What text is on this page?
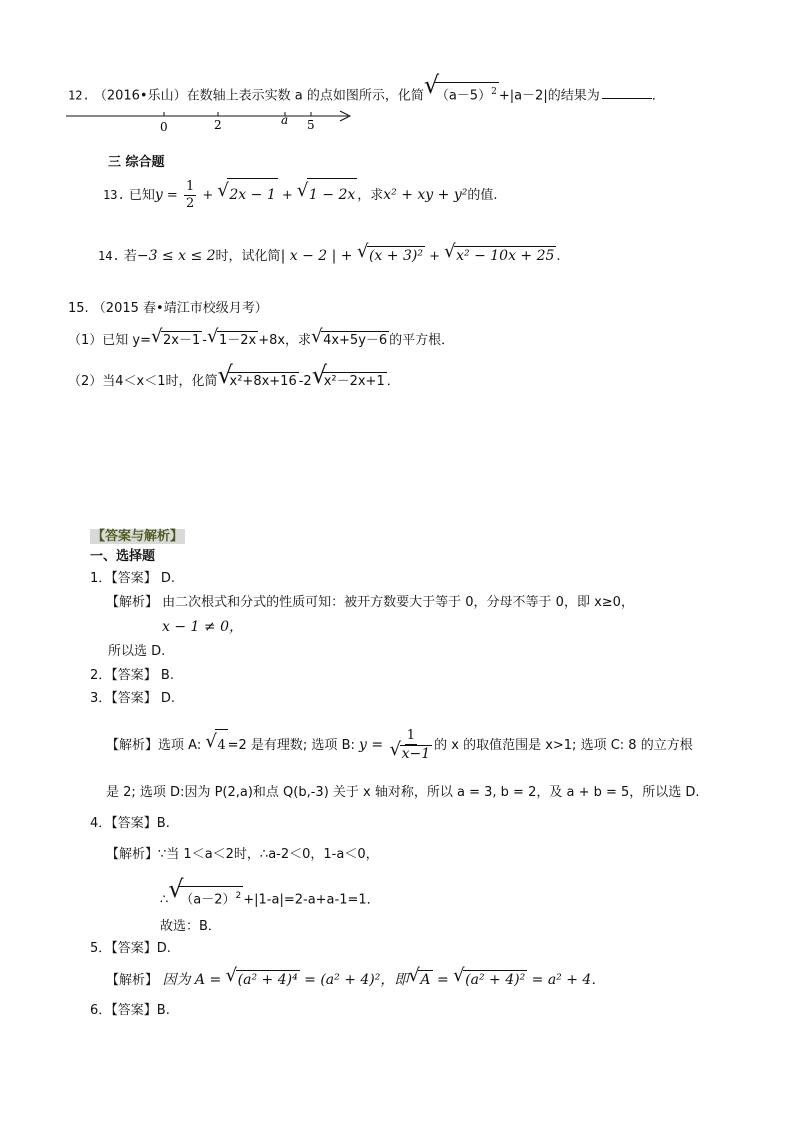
12. （2016•乐山）在数轴上表示实数 a 的点如图所示，化简 √ $(a-5)^2 +|a-2|$的结果为	．
0	2	a 5
三 综合题
13. 已知$y = \frac{1}{2}$ + √ 2x − 1 + √ 1 − 2x ，求x² + xy + y²的值.
14. 若−3 ≤ x ≤ 2时，试化简| x − 2 | + √ (x + 3)² + √ x² − 10x + 25 .
15. （2015 春•靖江市校级月考）
（1）已知 y= √ 2x－1 - √ 1－2x +8x，求 √ 4x+5y－6 的平方根．
（2）当4＜x＜1时，化简 √ x²+8x+16 -2 √ x²－2x+1 ．
【答案与解析】
一、选择题
1．【答案】 D.
【解析】 由二次根式和分式的性质可知：被开方数要大于等于 0，分母不等于 0，即 x≥0，
x − 1 ≠ 0，
所以选 D.
2．【答案】 B.
3．【答案】 D.
【解析】选项 A: √ 4 =2 是有理数; 选项 B: y = 1
√ x−1 的 x 的取值范围是 x>1; 选项 C: 8 的立方根
是 2; 选项 D:因为 P(2,a)和点 Q(b,-3) 关于 x 轴对称，所以 a = 3, b = 2，及 a + b = 5，所以选 D.
4．【答案】B.
【解析】∵当 1＜a＜2时，∴a-2＜0，1-a＜0，
∴ √ $(a-2)^2 +|1-a|=2-a+a-1=1$．
故选：B．
5．【答案】D.
【解析】 因为 A = √ (a² + 4)⁴ = (a² + 4)²，即 √ A = √ (a² + 4)² = a² + 4．
6．【答案】B.
